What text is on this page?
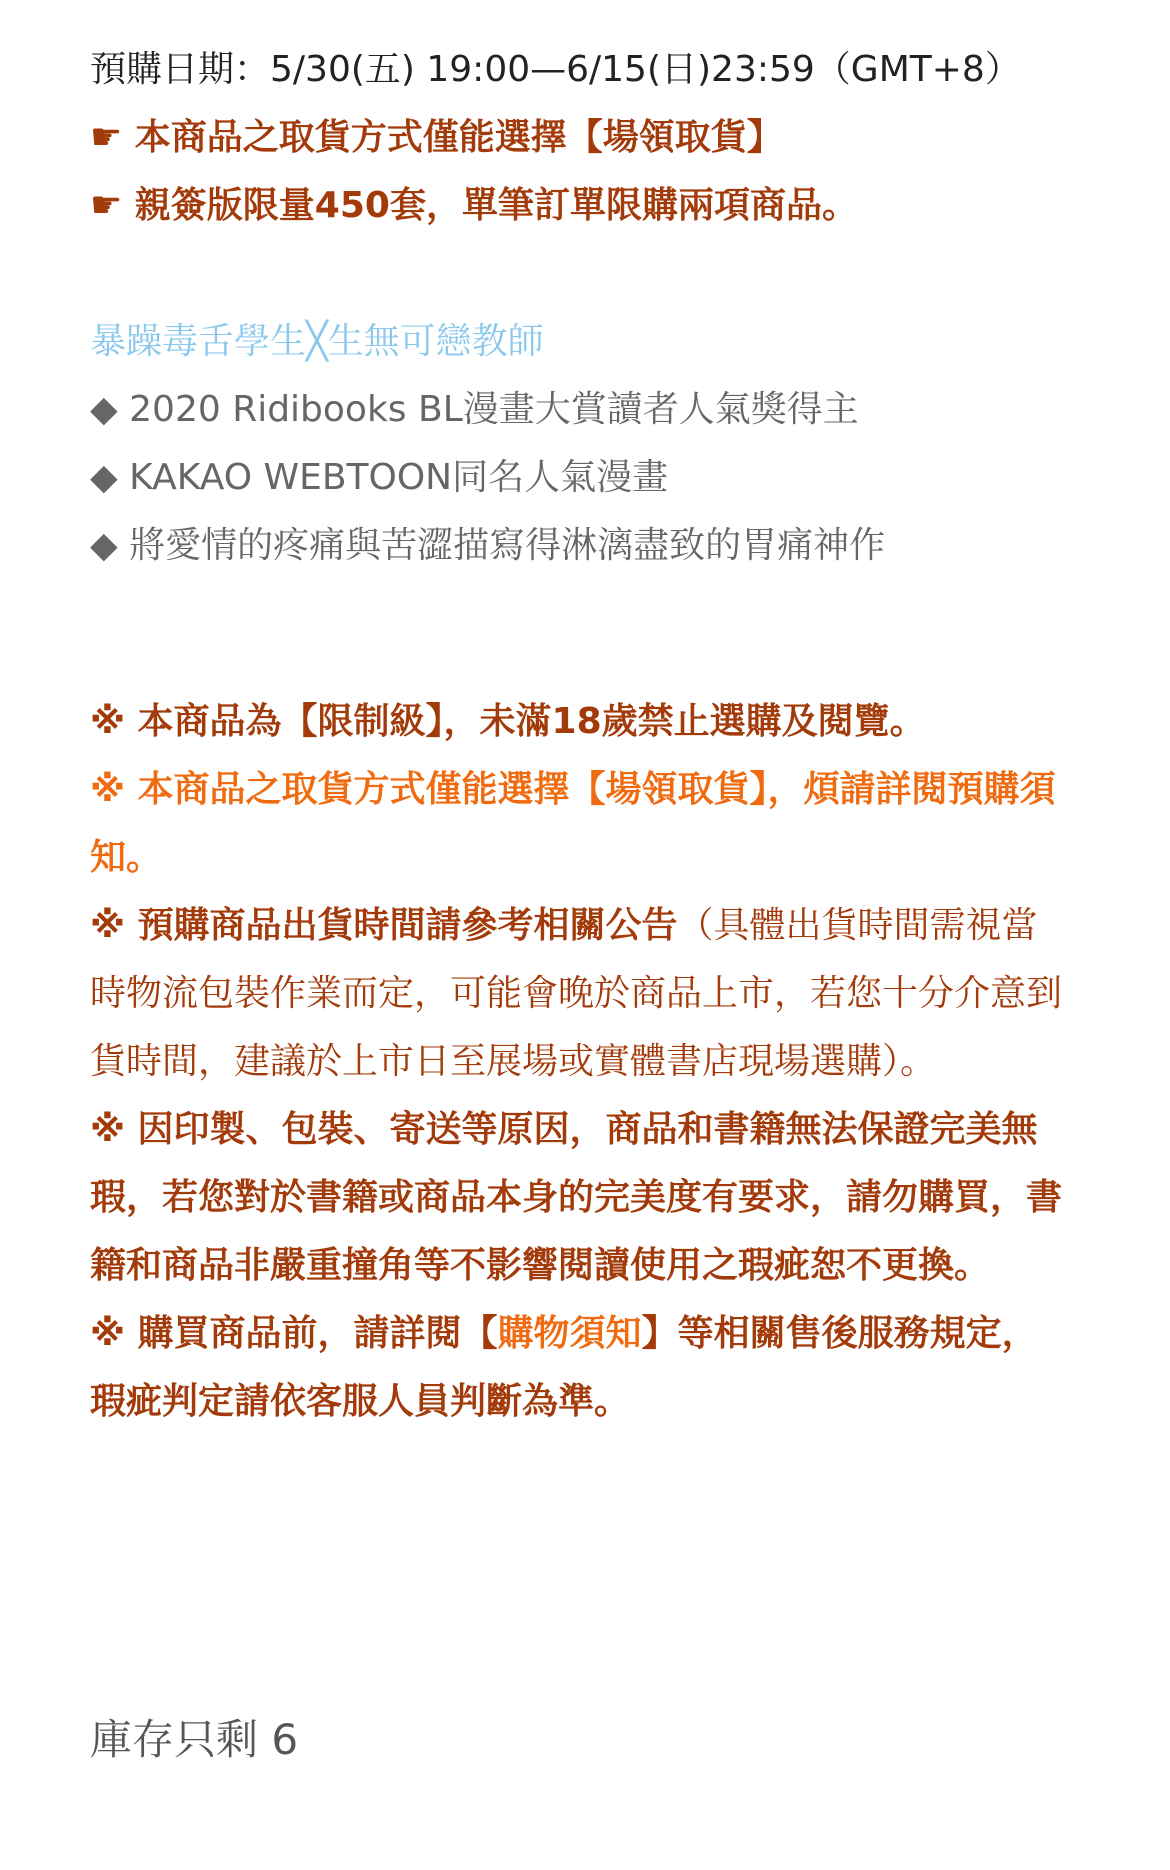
預購日期：5/30(五) 19:00—6/15(日)23:59（GMT+8）
☛ 本商品之取貨方式僅能選擇【場領取貨】
☛ 親簽版限量450套，單筆訂單限購兩項商品。
暴躁毒舌學生╳生無可戀教師
◆ 2020 Ridibooks BL漫畫大賞讀者人氣獎得主
◆ KAKAO WEBTOON同名人氣漫畫
◆ 將愛情的疼痛與苦澀描寫得淋漓盡致的胃痛神作

※ 本商品為【限制級】，未滿18歲禁止選購及閱覽。

※ 本商品之取貨方式僅能選擇【場領取貨】，煩請詳閱預購須知。

※ 預購商品出貨時間請參考相關公告（具體出貨時間需視當時物流包裝作業而定，可能會晚於商品上市，若您十分介意到貨時間，建議於上市日至展場或實體書店現場選購）。

※ 因印製、包裝、寄送等原因，商品和書籍無法保證完美無瑕，若您對於書籍或商品本身的完美度有要求，請勿購買，書籍和商品非嚴重撞角等不影響閱讀使用之瑕疵恕不更換。

※ 購買商品前，請詳閱【購物須知】等相關售後服務規定，瑕疵判定請依客服人員判斷為準。

庫存只剩 6
